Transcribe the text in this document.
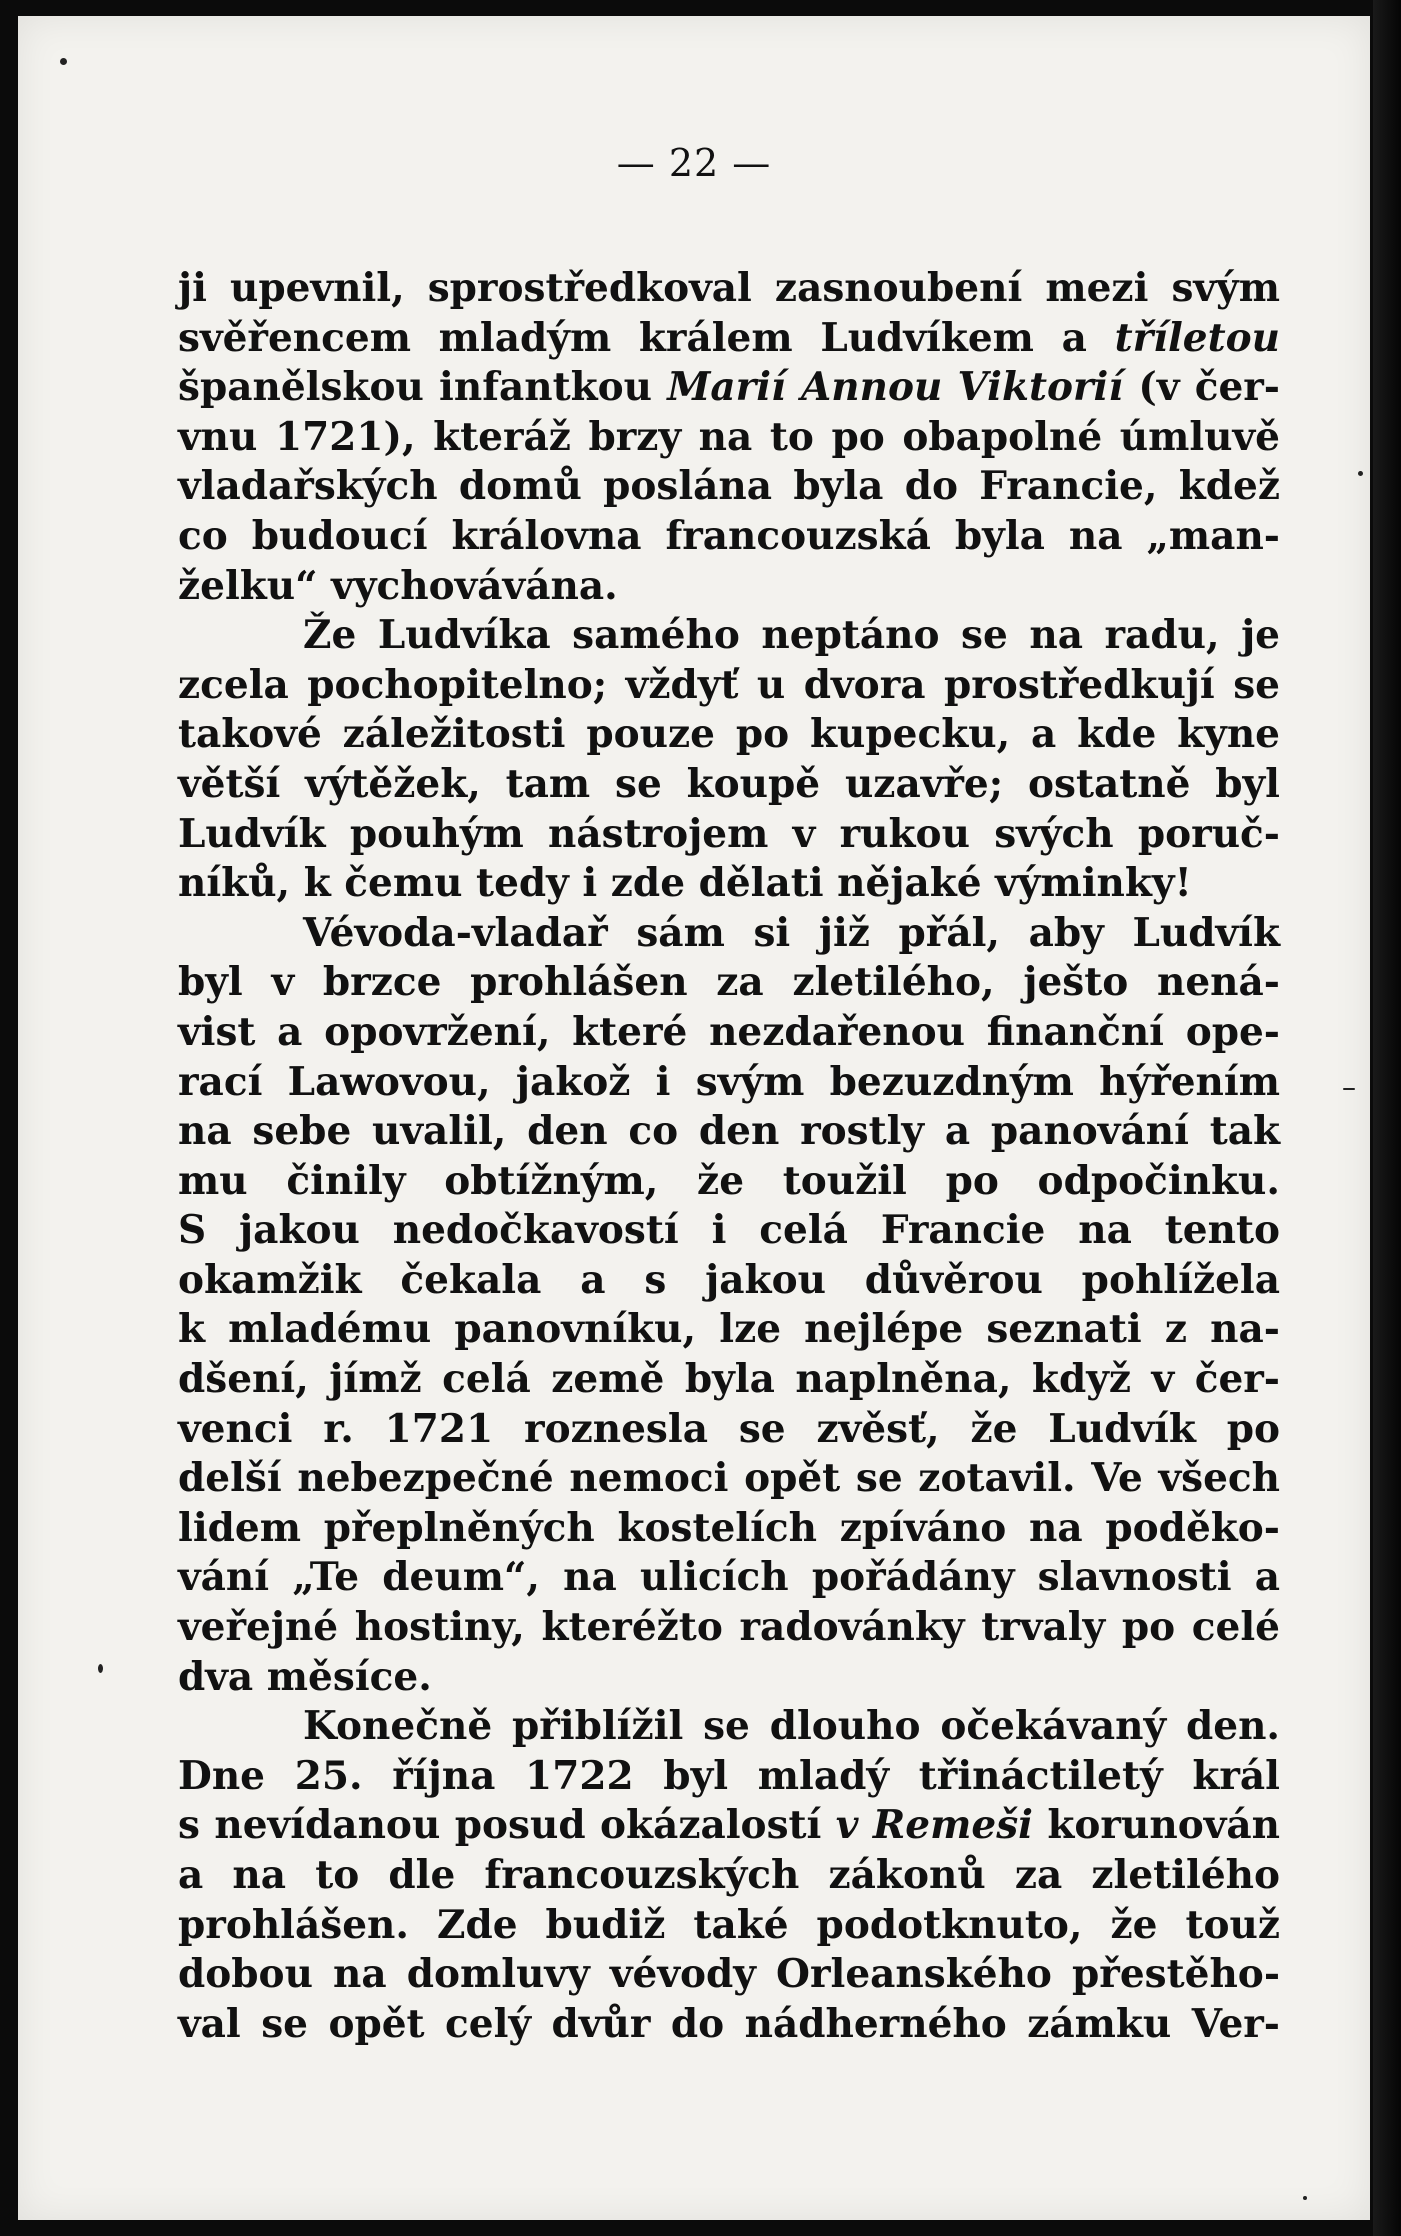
— 22 —
ji upevnil, sprostředkoval zasnoubení mezi svým
svěřencem mladým králem Ludvíkem a tříletou
španělskou infantkou Marií Annou Viktorií (v čer-
vnu 1721), kteráž brzy na to po obapolné úmluvě
vladařských domů poslána byla do Francie, kdež
co budoucí královna francouzská byla na „man-
želku“ vychovávána.
Že Ludvíka samého neptáno se na radu, je
zcela pochopitelno; vždyť u dvora prostředkují se
takové záležitosti pouze po kupecku, a kde kyne
větší výtěžek, tam se koupě uzavře; ostatně byl
Ludvík pouhým nástrojem v rukou svých poruč-
níků, k čemu tedy i zde dělati nějaké výminky!
Vévoda-vladař sám si již přál, aby Ludvík
byl v brzce prohlášen za zletilého, ještо nená-
vist a opovržení, které nezdařenou finanční ope-
rací Lawovou, jakož i svým bezuzdným hýřením
na sebe uvalil, den co den rostly a panování tak
mu činily obtížným, že toužil po odpočinku.
S jakou nedočkavostí i celá Francie na tento
okamžik čekala a s jakou důvěrou pohlížela
k mladému panovníku, lze nejlépe seznati z na-
dšení, jímž celá země byla naplněna, když v čer-
venci r. 1721 roznesla se zvěsť, že Ludvík po
delší nebezpečné nemoci opět se zotavil. Ve všech
lidem přeplněných kostelích zpíváno na poděko-
vání „Te deum“, na ulicích pořádány slavnosti a
veřejné hostiny, kteréžto radovánky trvaly po celé
dva měsíce.
Konečně přiblížil se dlouho očekávaný den.
Dne 25. října 1722 byl mladý třináctiletý král
s nevídanou posud okázalostí v Remeši korunován
a na to dle francouzských zákonů za zletilého
prohlášen. Zde budiž také podotknuto, že touž
dobou na domluvy vévody Orleanského přestěho-
val se opět celý dvůr do nádherného zámku Ver-
